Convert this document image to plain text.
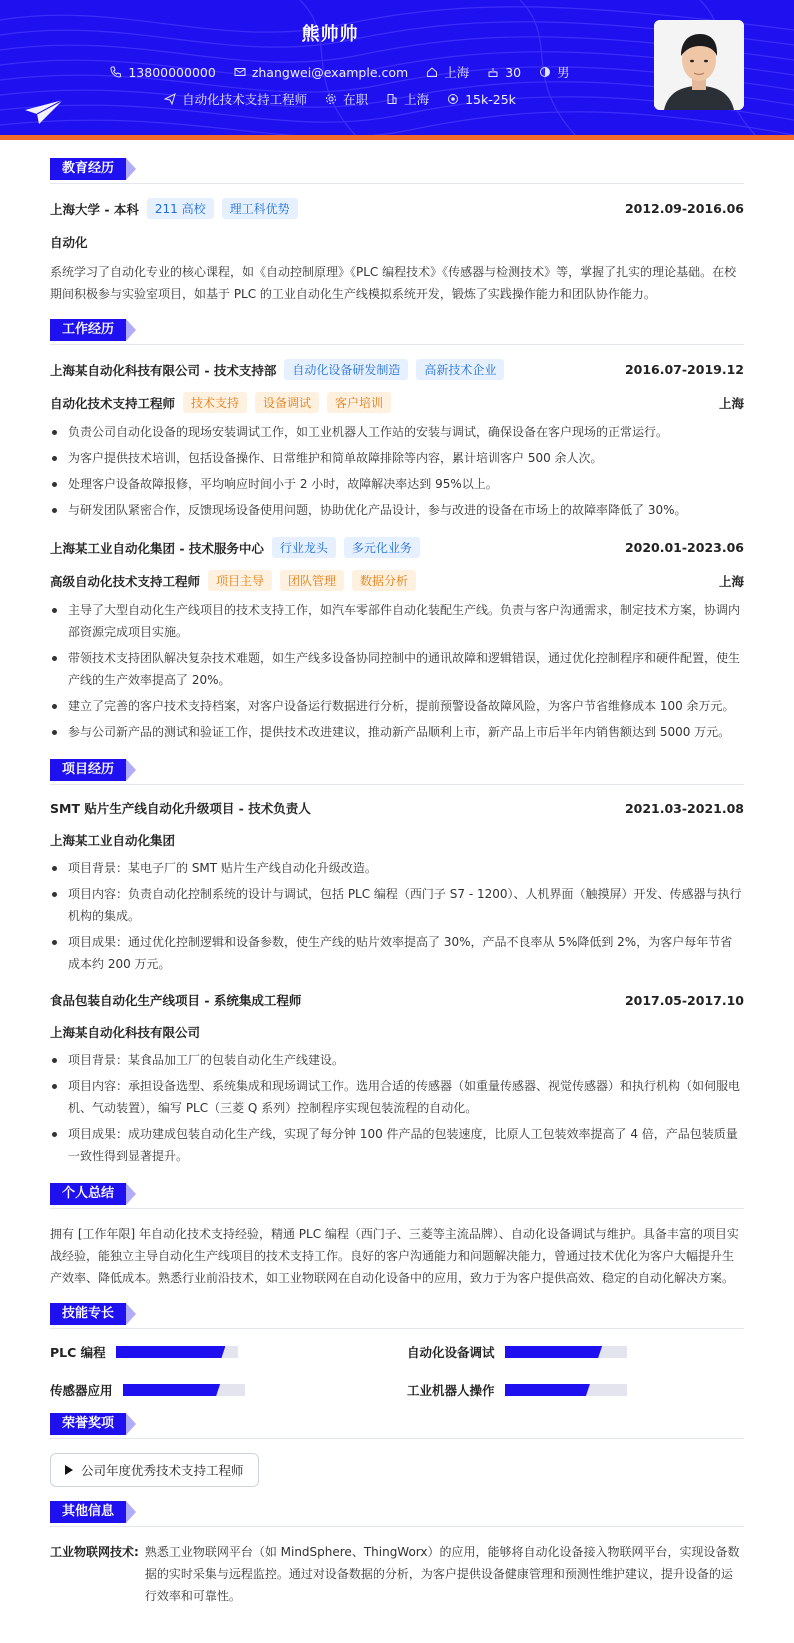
熊帅帅
13800000000	zhangwei@example.com	上海	30	男
自动化技术支持工程师	在职	上海	15k-25k
教育经历
上海大学 - 本科	211 高校	理工科优势	2012.09-2016.06
自动化
系统学习了自动化专业的核心课程，如《自动控制原理》《PLC 编程技术》《传感器与检测技术》等，掌握了扎实的理论基础。在校期间积极参与实验室项目，如基于 PLC 的工业自动化生产线模拟系统开发，锻炼了实践操作能力和团队协作能力。
工作经历
上海某自动化科技有限公司 - 技术支持部	自动化设备研发制造	高新技术企业	2016.07-2019.12
自动化技术支持工程师	技术支持	设备调试	客户培训	上海
负责公司自动化设备的现场安装调试工作，如工业机器人工作站的安装与调试，确保设备在客户现场的正常运行。
为客户提供技术培训，包括设备操作、日常维护和简单故障排除等内容，累计培训客户 500 余人次。
处理客户设备故障报修，平均响应时间小于 2 小时，故障解决率达到 95%以上。
与研发团队紧密合作，反馈现场设备使用问题，协助优化产品设计，参与改进的设备在市场上的故障率降低了 30%。
上海某工业自动化集团 - 技术服务中心	行业龙头	多元化业务	2020.01-2023.06
高级自动化技术支持工程师	项目主导	团队管理	数据分析	上海
主导了大型自动化生产线项目的技术支持工作，如汽车零部件自动化装配生产线。负责与客户沟通需求，制定技术方案，协调内部资源完成项目实施。
带领技术支持团队解决复杂技术难题，如生产线多设备协同控制中的通讯故障和逻辑错误，通过优化控制程序和硬件配置，使生产线的生产效率提高了 20%。
建立了完善的客户技术支持档案，对客户设备运行数据进行分析，提前预警设备故障风险，为客户节省维修成本 100 余万元。
参与公司新产品的测试和验证工作，提供技术改进建议，推动新产品顺利上市，新产品上市后半年内销售额达到 5000 万元。
项目经历
SMT 贴片生产线自动化升级项目 - 技术负责人	2021.03-2021.08
上海某工业自动化集团
项目背景：某电子厂的 SMT 贴片生产线自动化升级改造。
项目内容：负责自动化控制系统的设计与调试，包括 PLC 编程（西门子 S7 - 1200）、人机界面（触摸屏）开发、传感器与执行机构的集成。
项目成果：通过优化控制逻辑和设备参数，使生产线的贴片效率提高了 30%，产品不良率从 5%降低到 2%，为客户每年节省成本约 200 万元。
食品包装自动化生产线项目 - 系统集成工程师	2017.05-2017.10
上海某自动化科技有限公司
项目背景：某食品加工厂的包装自动化生产线建设。
项目内容：承担设备选型、系统集成和现场调试工作。选用合适的传感器（如重量传感器、视觉传感器）和执行机构（如伺服电机、气动装置），编写 PLC（三菱 Q 系列）控制程序实现包装流程的自动化。
项目成果：成功建成包装自动化生产线，实现了每分钟 100 件产品的包装速度，比原人工包装效率提高了 4 倍，产品包装质量一致性得到显著提升。
个人总结
拥有 [工作年限] 年自动化技术支持经验，精通 PLC 编程（西门子、三菱等主流品牌）、自动化设备调试与维护。具备丰富的项目实战经验，能独立主导自动化生产线项目的技术支持工作。良好的客户沟通能力和问题解决能力，曾通过技术优化为客户大幅提升生产效率、降低成本。熟悉行业前沿技术，如工业物联网在自动化设备中的应用，致力于为客户提供高效、稳定的自动化解决方案。
技能专长
PLC 编程	自动化设备调试
传感器应用	工业机器人操作
荣誉奖项
公司年度优秀技术支持工程师
其他信息
工业物联网技术: 熟悉工业物联网平台（如 MindSphere、ThingWorx）的应用，能够将自动化设备接入物联网平台，实现设备数据的实时采集与远程监控。通过对设备数据的分析，为客户提供设备健康管理和预测性维护建议，提升设备的运行效率和可靠性。
